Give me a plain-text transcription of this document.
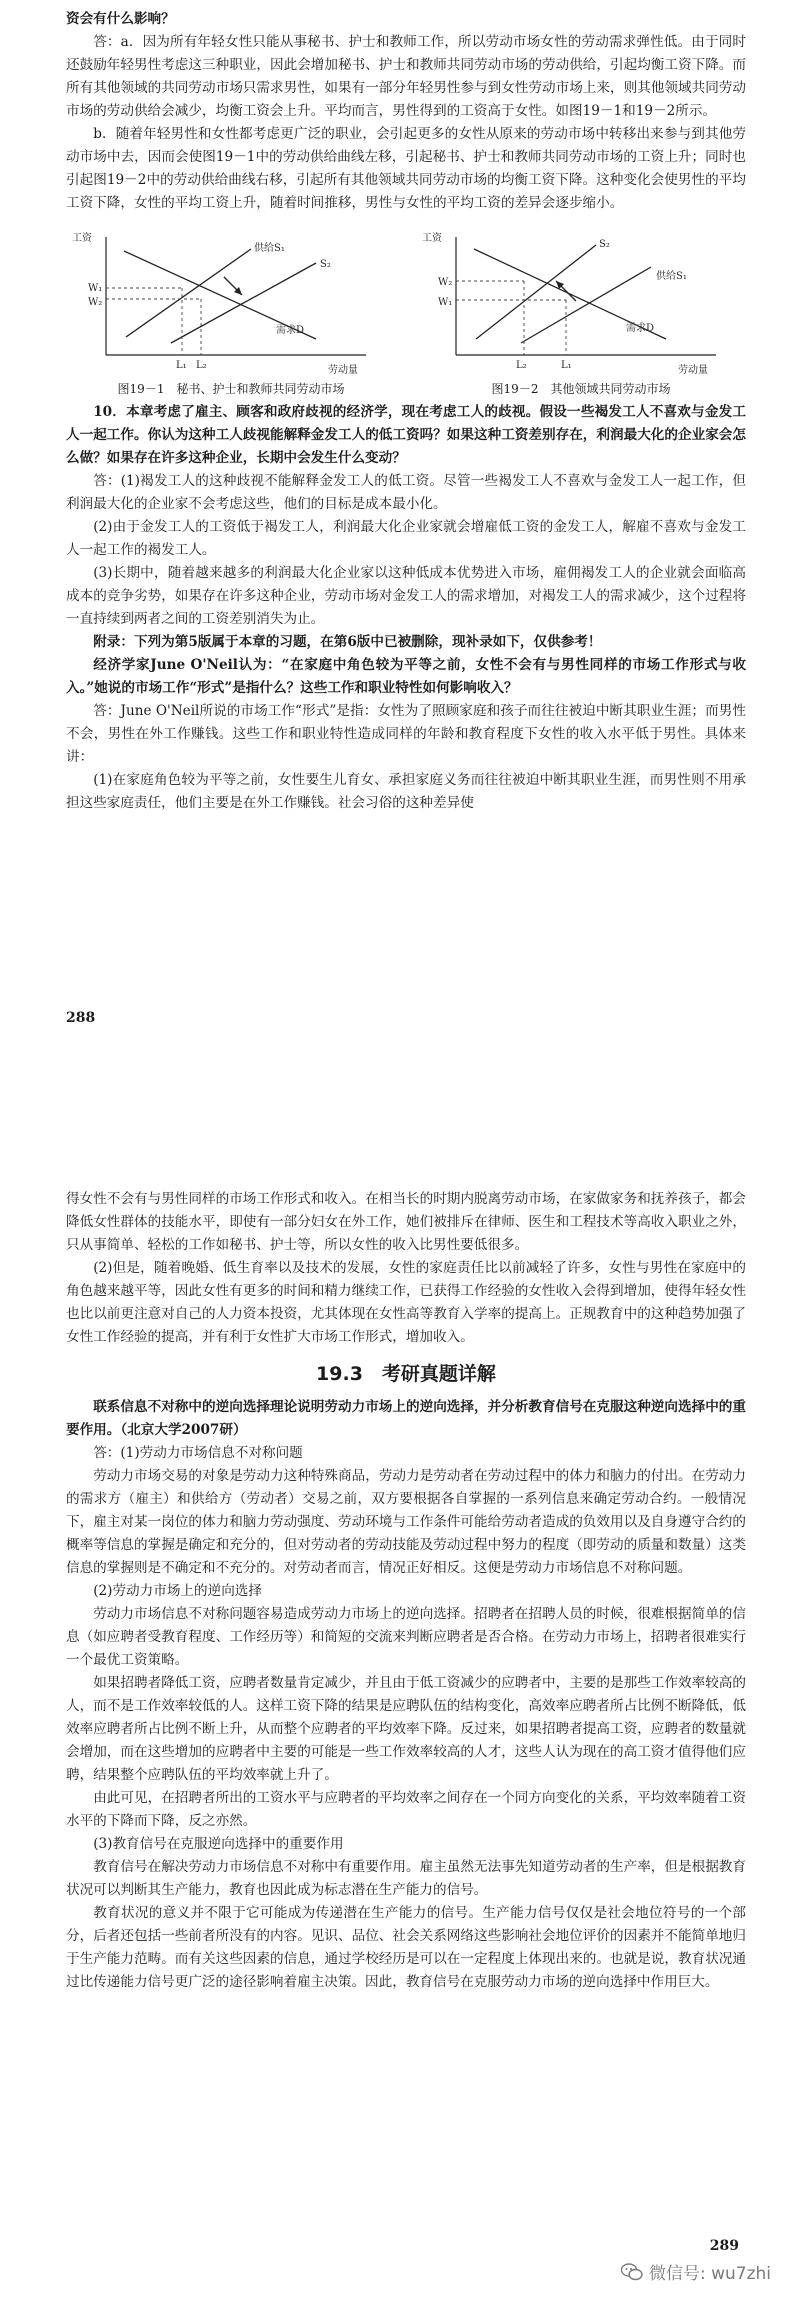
资会有什么影响？

答：a．因为所有年轻女性只能从事秘书、护士和教师工作，所以劳动市场女性的劳动需求弹性低。由于同时还鼓励年轻男性考虑这三种职业，因此会增加秘书、护士和教师共同劳动市场的劳动供给，引起均衡工资下降。而所有其他领域的共同劳动市场只需求男性，如果有一部分年轻男性参与到女性劳动市场上来，则其他领域共同劳动市场的劳动供给会减少，均衡工资会上升。平均而言，男性得到的工资高于女性。如图19－1和19－2所示。

b．随着年轻男性和女性都考虑更广泛的职业，会引起更多的女性从原来的劳动市场中转移出来参与到其他劳动市场中去，因而会使图19－1中的劳动供给曲线左移，引起秘书、护士和教师共同劳动市场的工资上升；同时也引起图19－2中的劳动供给曲线右移，引起所有其他领域共同劳动市场的均衡工资下降。这种变化会使男性的平均工资下降，女性的平均工资上升，随着时间推移，男性与女性的平均工资的差异会逐步缩小。

工资
劳动量
供给S₁
S₂
需求D
W₁
W₂
L₁ L₂
图19－1　秘书、护士和教师共同劳动市场
工资
劳动量
S₂
供给S₁
需求D
W₂
W₁
L₂	L₁
图19－2　其他领域共同劳动市场

10．本章考虑了雇主、顾客和政府歧视的经济学，现在考虑工人的歧视。假设一些褐发工人不喜欢与金发工人一起工作。你认为这种工人歧视能解释金发工人的低工资吗？如果这种工资差别存在，利润最大化的企业家会怎么做？如果存在许多这种企业，长期中会发生什么变动？

答：(1)褐发工人的这种歧视不能解释金发工人的低工资。尽管一些褐发工人不喜欢与金发工人一起工作，但利润最大化的企业家不会考虑这些，他们的目标是成本最小化。

(2)由于金发工人的工资低于褐发工人，利润最大化企业家就会增雇低工资的金发工人，解雇不喜欢与金发工人一起工作的褐发工人。

(3)长期中，随着越来越多的利润最大化企业家以这种低成本优势进入市场，雇佣褐发工人的企业就会面临高成本的竞争劣势，如果存在许多这种企业，劳动市场对金发工人的需求增加，对褐发工人的需求减少，这个过程将一直持续到两者之间的工资差别消失为止。

附录：下列为第5版属于本章的习题，在第6版中已被删除，现补录如下，仅供参考！

经济学家June O'Neil认为：“在家庭中角色较为平等之前，女性不会有与男性同样的市场工作形式与收入。”她说的市场工作“形式”是指什么？这些工作和职业特性如何影响收入？

答：June O'Neil所说的市场工作“形式”是指：女性为了照顾家庭和孩子而往往被迫中断其职业生涯；而男性不会，男性在外工作赚钱。这些工作和职业特性造成同样的年龄和教育程度下女性的收入水平低于男性。具体来讲：

(1)在家庭角色较为平等之前，女性要生儿育女、承担家庭义务而往往被迫中断其职业生涯，而男性则不用承担这些家庭责任，他们主要是在外工作赚钱。社会习俗的这种差异使

288

得女性不会有与男性同样的市场工作形式和收入。在相当长的时期内脱离劳动市场，在家做家务和抚养孩子，都会降低女性群体的技能水平，即使有一部分妇女在外工作，她们被排斥在律师、医生和工程技术等高收入职业之外，只从事简单、轻松的工作如秘书、护士等，所以女性的收入比男性要低很多。

(2)但是，随着晚婚、低生育率以及技术的发展，女性的家庭责任比以前减轻了许多，女性与男性在家庭中的角色越来越平等，因此女性有更多的时间和精力继续工作，已获得工作经验的女性收入会得到增加，使得年轻女性也比以前更注意对自己的人力资本投资，尤其体现在女性高等教育入学率的提高上。正规教育中的这种趋势加强了女性工作经验的提高，并有利于女性扩大市场工作形式，增加收入。

19.3　考研真题详解

联系信息不对称中的逆向选择理论说明劳动力市场上的逆向选择，并分析教育信号在克服这种逆向选择中的重要作用。（北京大学2007研）

答：(1)劳动力市场信息不对称问题

劳动力市场交易的对象是劳动力这种特殊商品，劳动力是劳动者在劳动过程中的体力和脑力的付出。在劳动力的需求方（雇主）和供给方（劳动者）交易之前，双方要根据各自掌握的一系列信息来确定劳动合约。一般情况下，雇主对某一岗位的体力和脑力劳动强度、劳动环境与工作条件可能给劳动者造成的负效用以及自身遵守合约的概率等信息的掌握是确定和充分的，但对劳动者的劳动技能及劳动过程中努力的程度（即劳动的质量和数量）这类信息的掌握则是不确定和不充分的。对劳动者而言，情况正好相反。这便是劳动力市场信息不对称问题。

(2)劳动力市场上的逆向选择

劳动力市场信息不对称问题容易造成劳动力市场上的逆向选择。招聘者在招聘人员的时候，很难根据简单的信息（如应聘者受教育程度、工作经历等）和简短的交流来判断应聘者是否合格。在劳动力市场上，招聘者很难实行一个最优工资策略。

如果招聘者降低工资，应聘者数量肯定减少，并且由于低工资减少的应聘者中，主要的是那些工作效率较高的人，而不是工作效率较低的人。这样工资下降的结果是应聘队伍的结构变化，高效率应聘者所占比例不断降低，低效率应聘者所占比例不断上升，从而整个应聘者的平均效率下降。反过来，如果招聘者提高工资，应聘者的数量就会增加，而在这些增加的应聘者中主要的可能是一些工作效率较高的人才，这些人认为现在的高工资才值得他们应聘，结果整个应聘队伍的平均效率就上升了。

由此可见，在招聘者所出的工资水平与应聘者的平均效率之间存在一个同方向变化的关系，平均效率随着工资水平的下降而下降，反之亦然。

(3)教育信号在克服逆向选择中的重要作用

教育信号在解决劳动力市场信息不对称中有重要作用。雇主虽然无法事先知道劳动者的生产率，但是根据教育状况可以判断其生产能力，教育也因此成为标志潜在生产能力的信号。

教育状况的意义并不限于它可能成为传递潜在生产能力的信号。生产能力信号仅仅是社会地位符号的一个部分，后者还包括一些前者所没有的内容。见识、品位、社会关系网络这些影响社会地位评价的因素并不能简单地归于生产能力范畴。而有关这些因素的信息，通过学校经历是可以在一定程度上体现出来的。也就是说，教育状况通过比传递能力信号更广泛的途径影响着雇主决策。因此，教育信号在克服劳动力市场的逆向选择中作用巨大。

289
微信号: wu7zhi
